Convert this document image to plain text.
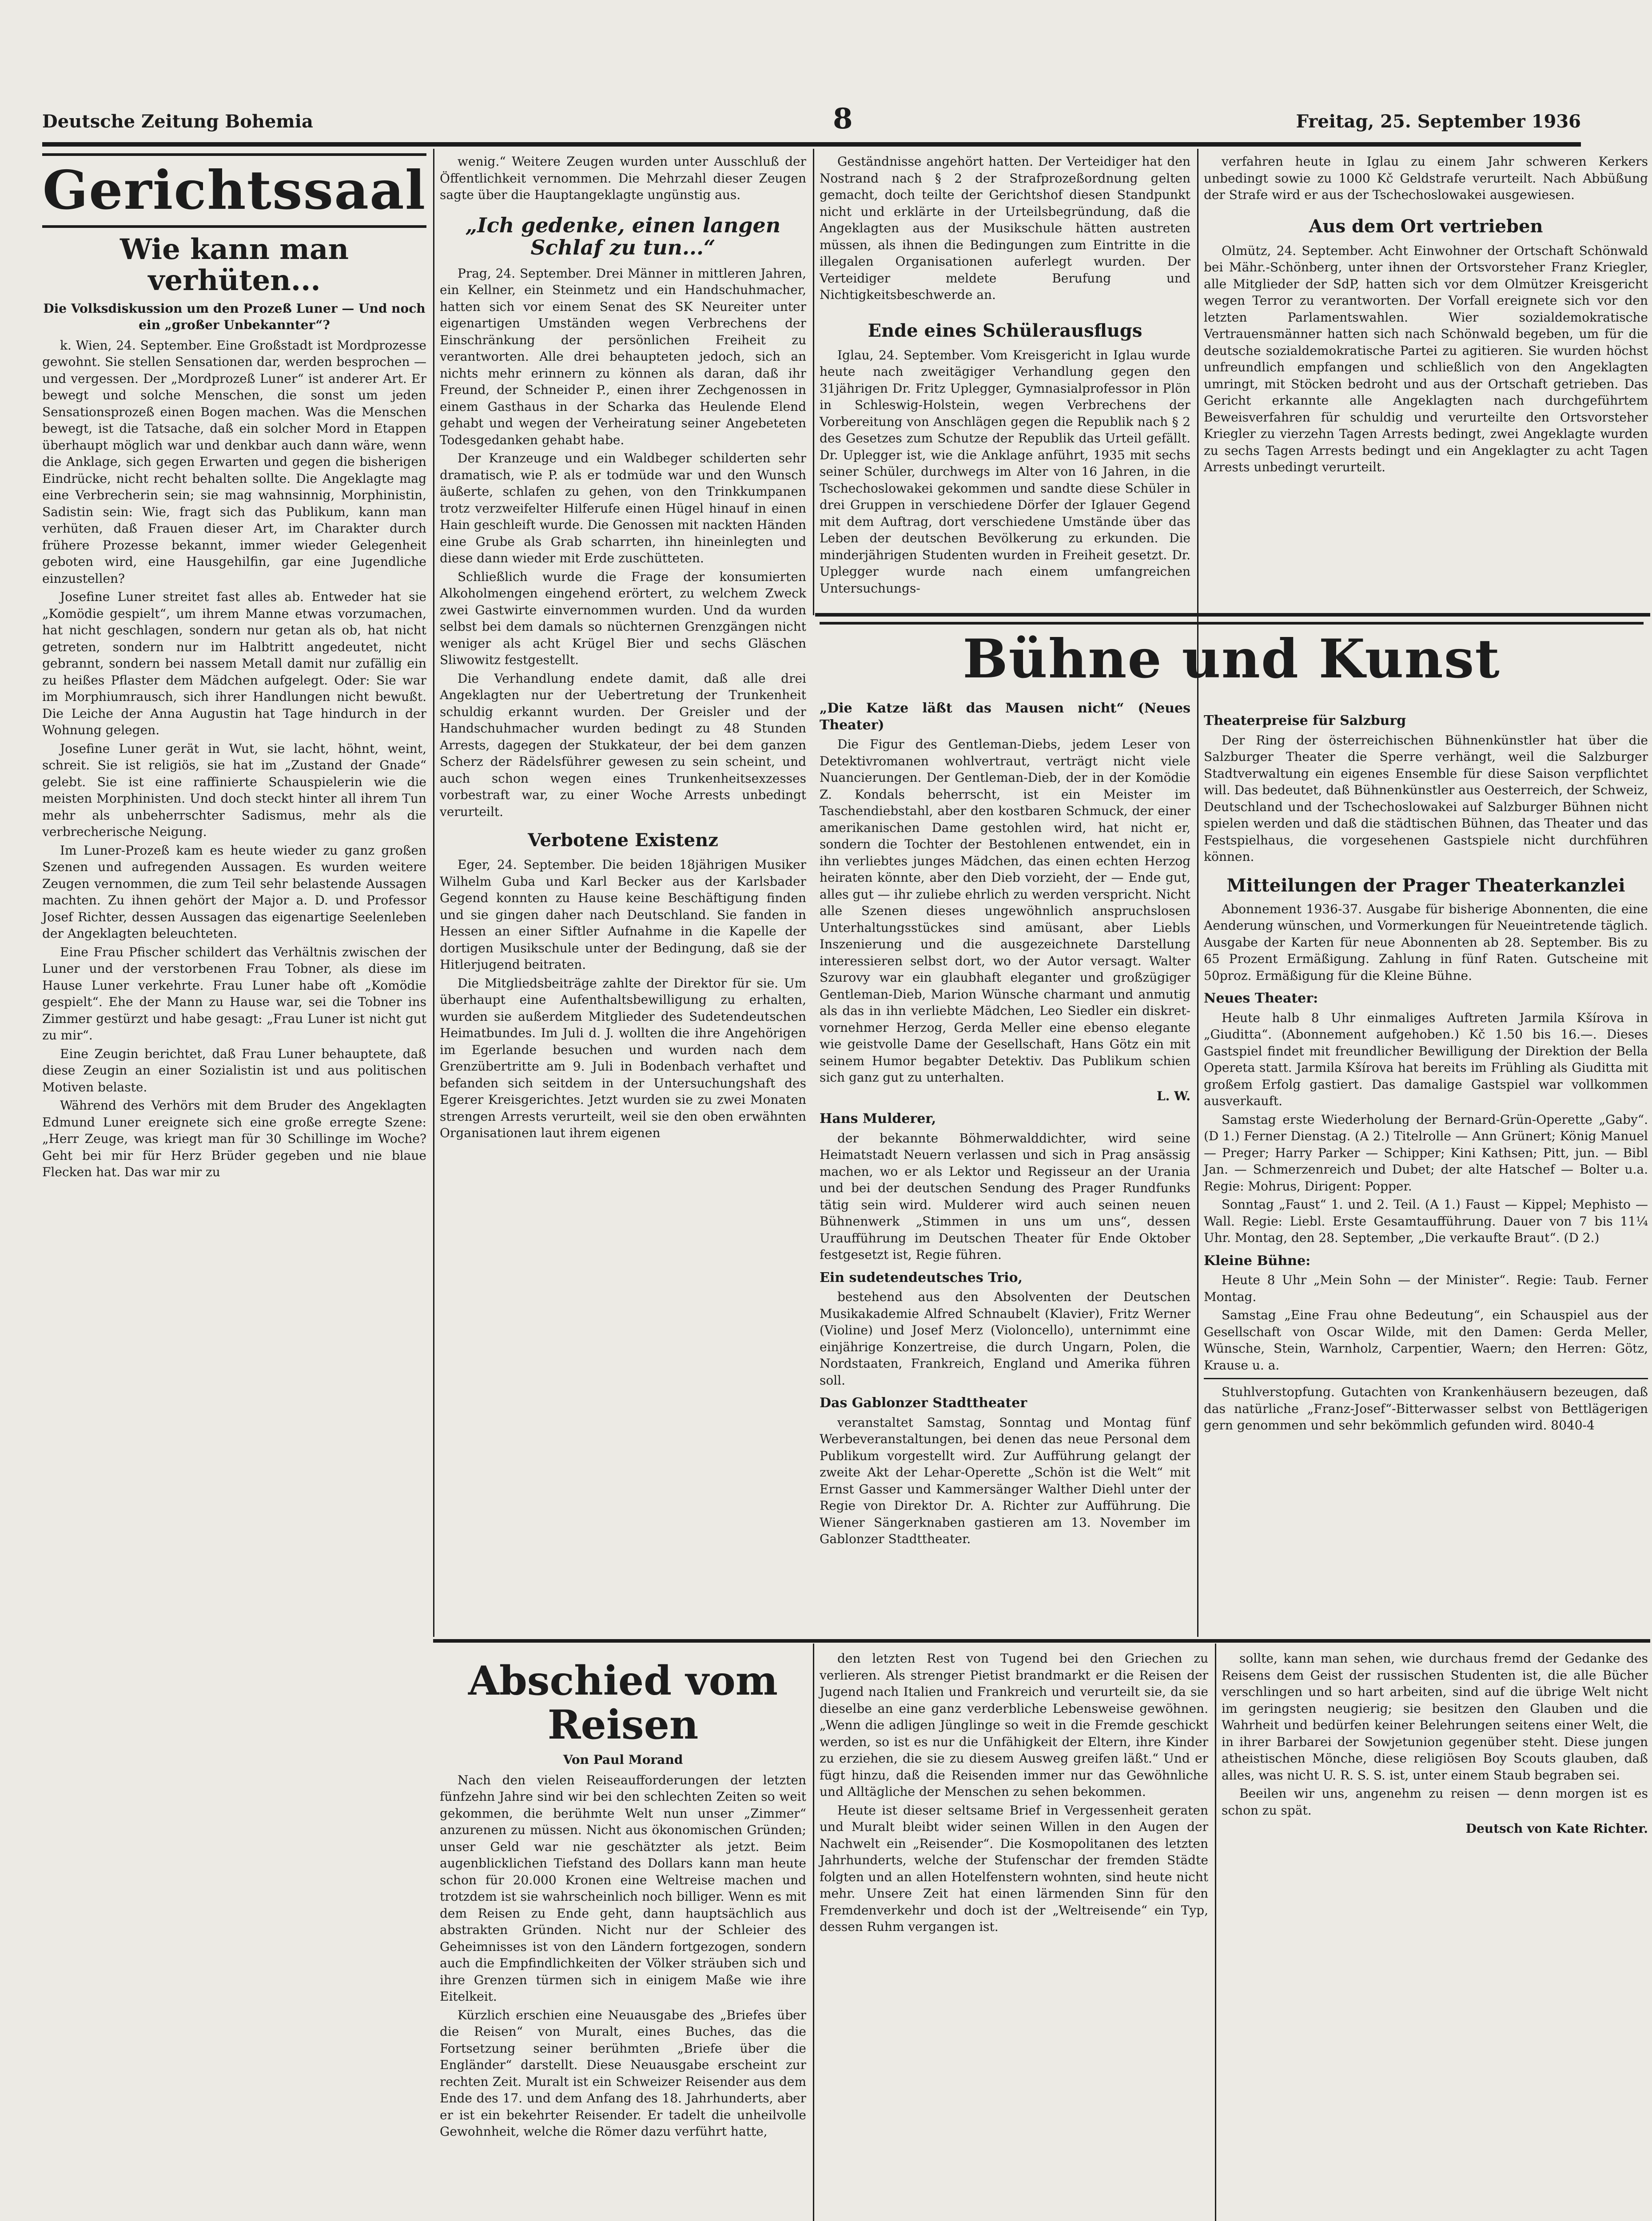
Deutsche Zeitung Bohemia	8	Freitag, 25. September 1936
Gerichtssaal
Wie kann man verhüten...
Die Volksdiskussion um den Prozeß Luner — Und noch ein „großer Unbekannter“?

k. Wien, 24. September. Eine Großstadt ist Mordprozesse gewohnt. Sie stellen Sensationen dar, werden besprochen — und vergessen. Der „Mordprozeß Luner“ ist anderer Art. Er bewegt und solche Menschen, die sonst um jeden Sensationsprozeß einen Bogen machen. Was die Menschen bewegt, ist die Tatsache, daß ein solcher Mord in Etappen überhaupt möglich war und denkbar auch dann wäre, wenn die Anklage, sich gegen Erwarten und gegen die bisherigen Eindrücke, nicht recht behalten sollte. Die Angeklagte mag eine Verbrecherin sein; sie mag wahnsinnig, Morphinistin, Sadistin sein: Wie, fragt sich das Publikum, kann man verhüten, daß Frauen dieser Art, im Charakter durch frühere Prozesse bekannt, immer wieder Gelegenheit geboten wird, eine Hausgehilfin, gar eine Jugendliche einzustellen?

Josefine Luner streitet fast alles ab. Entweder hat sie „Komödie gespielt“, um ihrem Manne etwas vorzumachen, hat nicht geschlagen, sondern nur getan als ob, hat nicht getreten, sondern nur im Halbtritt angedeutet, nicht gebrannt, sondern bei nassem Metall damit nur zufällig ein zu heißes Pflaster dem Mädchen aufgelegt. Oder: Sie war im Morphiumrausch, sich ihrer Handlungen nicht bewußt. Die Leiche der Anna Augustin hat Tage hindurch in der Wohnung gelegen.

Josefine Luner gerät in Wut, sie lacht, höhnt, weint, schreit. Sie ist religiös, sie hat im „Zustand der Gnade“ gelebt. Sie ist eine raffinierte Schauspielerin wie die meisten Morphinisten. Und doch steckt hinter all ihrem Tun mehr als unbeherrschter Sadismus, mehr als die verbrecherische Neigung.

Im Luner-Prozeß kam es heute wieder zu ganz großen Szenen und aufregenden Aussagen. Es wurden weitere Zeugen vernommen, die zum Teil sehr belastende Aussagen machten. Zu ihnen gehört der Major a. D. und Professor Josef Richter, dessen Aussagen das eigenartige Seelenleben der Angeklagten beleuchteten.

Eine Frau Pfischer schildert das Verhältnis zwischen der Luner und der verstorbenen Frau Tobner, als diese im Hause Luner verkehrte. Frau Luner habe oft „Komödie gespielt“. Ehe der Mann zu Hause war, sei die Tobner ins Zimmer gestürzt und habe gesagt: „Frau Luner ist nicht gut zu mir“.

Eine Zeugin berichtet, daß Frau Luner behauptete, daß diese Zeugin an einer Sozialistin ist und aus politischen Motiven belaste.

Während des Verhörs mit dem Bruder des Angeklagten Edmund Luner ereignete sich eine große erregte Szene: „Herr Zeuge, was kriegt man für 30 Schillinge im Woche? Geht bei mir für Herz Brüder gegeben und nie blaue Flecken hat. Das war mir zu

wenig.“ Weitere Zeugen wurden unter Ausschluß der Öffentlichkeit vernommen. Die Mehrzahl dieser Zeugen sagte über die Hauptangeklagte ungünstig aus.

„Ich gedenke, einen langen Schlaf zu tun...“

Prag, 24. September. Drei Männer in mittleren Jahren, ein Kellner, ein Steinmetz und ein Handschuhmacher, hatten sich vor einem Senat des SK Neureiter unter eigenartigen Umständen wegen Verbrechens der Einschränkung der persönlichen Freiheit zu verantworten. Alle drei behaupteten jedoch, sich an nichts mehr erinnern zu können als daran, daß ihr Freund, der Schneider P., einen ihrer Zechgenossen in einem Gasthaus in der Scharka das Heulende Elend gehabt und wegen der Verheiratung seiner Angebeteten Todesgedanken gehabt habe.

Der Kranzeuge und ein Waldbeger schilderten sehr dramatisch, wie P. als er todmüde war und den Wunsch äußerte, schlafen zu gehen, von den Trinkkumpanen trotz verzweifelter Hilferufe einen Hügel hinauf in einen Hain geschleift wurde. Die Genossen mit nackten Händen eine Grube als Grab scharrten, ihn hineinlegten und diese dann wieder mit Erde zuschütteten.

Schließlich wurde die Frage der konsumierten Alkoholmengen eingehend erörtert, zu welchem Zweck zwei Gastwirte einvernommen wurden. Und da wurden selbst bei dem damals so nüchternen Grenzgängen nicht weniger als acht Krügel Bier und sechs Gläschen Sliwowitz festgestellt.

Die Verhandlung endete damit, daß alle drei Angeklagten nur der Uebertretung der Trunkenheit schuldig erkannt wurden. Der Greisler und der Handschuhmacher wurden bedingt zu 48 Stunden Arrests, dagegen der Stukkateur, der bei dem ganzen Scherz der Rädelsführer gewesen zu sein scheint, und auch schon wegen eines Trunkenheitsexzesses vorbestraft war, zu einer Woche Arrests unbedingt verurteilt.

Verbotene Existenz

Eger, 24. September. Die beiden 18jährigen Musiker Wilhelm Guba und Karl Becker aus der Karlsbader Gegend konnten zu Hause keine Beschäftigung finden und sie gingen daher nach Deutschland. Sie fanden in Hessen an einer Siftler Aufnahme in die Kapelle der dortigen Musikschule unter der Bedingung, daß sie der Hitlerjugend beitraten.

Die Mitgliedsbeiträge zahlte der Direktor für sie. Um überhaupt eine Aufenthaltsbewilligung zu erhalten, wurden sie außerdem Mitglieder des Sudetendeutschen Heimatbundes. Im Juli d. J. wollten die ihre Angehörigen im Egerlande besuchen und wurden nach dem Grenzübertritte am 9. Juli in Bodenbach verhaftet und befanden sich seitdem in der Untersuchungshaft des Egerer Kreisgerichtes. Jetzt wurden sie zu zwei Monaten strengen Arrests verurteilt, weil sie den oben erwähnten Organisationen laut ihrem eigenen

Geständnisse angehört hatten. Der Verteidiger hat den Nostrand nach § 2 der Strafprozeßordnung gelten gemacht, doch teilte der Gerichtshof diesen Standpunkt nicht und erklärte in der Urteilsbegründung, daß die Angeklagten aus der Musikschule hätten austreten müssen, als ihnen die Bedingungen zum Eintritte in die illegalen Organisationen auferlegt wurden. Der Verteidiger meldete Berufung und Nichtigkeitsbeschwerde an.

Ende eines Schülerausflugs

Iglau, 24. September. Vom Kreisgericht in Iglau wurde heute nach zweitägiger Verhandlung gegen den 31jährigen Dr. Fritz Uplegger, Gymnasialprofessor in Plön in Schleswig-Holstein, wegen Verbrechens der Vorbereitung von Anschlägen gegen die Republik nach § 2 des Gesetzes zum Schutze der Republik das Urteil gefällt. Dr. Uplegger ist, wie die Anklage anführt, 1935 mit sechs seiner Schüler, durchwegs im Alter von 16 Jahren, in die Tschechoslowakei gekommen und sandte diese Schüler in drei Gruppen in verschiedene Dörfer der Iglauer Gegend mit dem Auftrag, dort verschiedene Umstände über das Leben der deutschen Bevölkerung zu erkunden. Die minderjährigen Studenten wurden in Freiheit gesetzt. Dr. Uplegger wurde nach einem umfangreichen Untersuchungs-

verfahren heute in Iglau zu einem Jahr schweren Kerkers unbedingt sowie zu 1000 Kč Geldstrafe verurteilt. Nach Abbüßung der Strafe wird er aus der Tschechoslowakei ausgewiesen.

Aus dem Ort vertrieben

Olmütz, 24. September. Acht Einwohner der Ortschaft Schönwald bei Mähr.-Schönberg, unter ihnen der Ortsvorsteher Franz Kriegler, alle Mitglieder der SdP, hatten sich vor dem Olmützer Kreisgericht wegen Terror zu verantworten. Der Vorfall ereignete sich vor den letzten Parlamentswahlen. Wier sozialdemokratische Vertrauensmänner hatten sich nach Schönwald begeben, um für die deutsche sozialdemokratische Partei zu agitieren. Sie wurden höchst unfreundlich empfangen und schließlich von den Angeklagten umringt, mit Stöcken bedroht und aus der Ortschaft getrieben. Das Gericht erkannte alle Angeklagten nach durchgeführtem Beweisverfahren für schuldig und verurteilte den Ortsvorsteher Kriegler zu vierzehn Tagen Arrests bedingt, zwei Angeklagte wurden zu sechs Tagen Arrests bedingt und ein Angeklagter zu acht Tagen Arrests unbedingt verurteilt.

Bühne und Kunst
„Die Katze läßt das Mausen nicht“ (Neues Theater)

Die Figur des Gentleman-Diebs, jedem Leser von Detektivromanen wohlvertraut, verträgt nicht viele Nuancierungen. Der Gentleman-Dieb, der in der Komödie Z. Kondals beherrscht, ist ein Meister im Taschendiebstahl, aber den kostbaren Schmuck, der einer amerikanischen Dame gestohlen wird, hat nicht er, sondern die Tochter der Bestohlenen entwendet, ein in ihn verliebtes junges Mädchen, das einen echten Herzog heiraten könnte, aber den Dieb vorzieht, der — Ende gut, alles gut — ihr zuliebe ehrlich zu werden verspricht. Nicht alle Szenen dieses ungewöhnlich anspruchslosen Unterhaltungsstückes sind amüsant, aber Liebls Inszenierung und die ausgezeichnete Darstellung interessieren selbst dort, wo der Autor versagt. Walter Szurovy war ein glaubhaft eleganter und großzügiger Gentleman-Dieb, Marion Wünsche charmant und anmutig als das in ihn verliebte Mädchen, Leo Siedler ein diskret-vornehmer Herzog, Gerda Meller eine ebenso elegante wie geistvolle Dame der Gesellschaft, Hans Götz ein mit seinem Humor begabter Detektiv. Das Publikum schien sich ganz gut zu unterhalten.

L. W.
Hans Mulderer,

der bekannte Böhmerwalddichter, wird seine Heimatstadt Neuern verlassen und sich in Prag ansässig machen, wo er als Lektor und Regisseur an der Urania und bei der deutschen Sendung des Prager Rundfunks tätig sein wird. Mulderer wird auch seinen neuen Bühnenwerk „Stimmen in uns um uns“, dessen Uraufführung im Deutschen Theater für Ende Oktober festgesetzt ist, Regie führen.

Ein sudetendeutsches Trio,

bestehend aus den Absolventen der Deutschen Musikakademie Alfred Schnaubelt (Klavier), Fritz Werner (Violine) und Josef Merz (Violoncello), unternimmt eine einjährige Konzertreise, die durch Ungarn, Polen, die Nordstaaten, Frankreich, England und Amerika führen soll.

Das Gablonzer Stadttheater

veranstaltet Samstag, Sonntag und Montag fünf Werbeveranstaltungen, bei denen das neue Personal dem Publikum vorgestellt wird. Zur Aufführung gelangt der zweite Akt der Lehar-Operette „Schön ist die Welt“ mit Ernst Gasser und Kammersänger Walther Diehl unter der Regie von Direktor Dr. A. Richter zur Aufführung. Die Wiener Sängerknaben gastieren am 13. November im Gablonzer Stadttheater.

Theaterpreise für Salzburg

Der Ring der österreichischen Bühnenkünstler hat über die Salzburger Theater die Sperre verhängt, weil die Salzburger Stadtverwaltung ein eigenes Ensemble für diese Saison verpflichtet will. Das bedeutet, daß Bühnenkünstler aus Oesterreich, der Schweiz, Deutschland und der Tschechoslowakei auf Salzburger Bühnen nicht spielen werden und daß die städtischen Bühnen, das Theater und das Festspielhaus, die vorgesehenen Gastspiele nicht durchführen können.

Mitteilungen der Prager Theaterkanzlei

Abonnement 1936-37. Ausgabe für bisherige Abonnenten, die eine Aenderung wünschen, und Vormerkungen für Neueintretende täglich. Ausgabe der Karten für neue Abonnenten ab 28. September. Bis zu 65 Prozent Ermäßigung. Zahlung in fünf Raten. Gutscheine mit 50proz. Ermäßigung für die Kleine Bühne.

Neues Theater:

Heute halb 8 Uhr einmaliges Auftreten Jarmila Kšírova in „Giuditta“. (Abonnement aufgehoben.) Kč 1.50 bis 16.—. Dieses Gastspiel findet mit freundlicher Bewilligung der Direktion der Bella Opereta statt. Jarmila Kšírova hat bereits im Frühling als Giuditta mit großem Erfolg gastiert. Das damalige Gastspiel war vollkommen ausverkauft.

Samstag erste Wiederholung der Bernard-Grün-Operette „Gaby“. (D 1.) Ferner Dienstag. (A 2.) Titelrolle — Ann Grünert; König Manuel — Preger; Harry Parker — Schipper; Kini Kathsen; Pitt, jun. — Bibl Jan. — Schmerzenreich und Dubet; der alte Hatschef — Bolter u.a. Regie: Mohrus, Dirigent: Popper.

Sonntag „Faust“ 1. und 2. Teil. (A 1.) Faust — Kippel; Mephisto — Wall. Regie: Liebl. Erste Gesamtaufführung. Dauer von 7 bis 11¼ Uhr. Montag, den 28. September, „Die verkaufte Braut“. (D 2.)

Kleine Bühne:

Heute 8 Uhr „Mein Sohn — der Minister“. Regie: Taub. Ferner Montag.

Samstag „Eine Frau ohne Bedeutung“, ein Schauspiel aus der Gesellschaft von Oscar Wilde, mit den Damen: Gerda Meller, Wünsche, Stein, Warnholz, Carpentier, Waern; den Herren: Götz, Krause u. a.

Stuhlverstopfung. Gutachten von Krankenhäusern bezeugen, daß das natürliche „Franz-Josef“-Bitterwasser selbst von Bettlägerigen gern genommen und sehr bekömmlich gefunden wird. 8040-4

Abschied vom Reisen
Von Paul Morand

Nach den vielen Reiseaufforderungen der letzten fünfzehn Jahre sind wir bei den schlechten Zeiten so weit gekommen, die berühmte Welt nun unser „Zimmer“ anzurenen zu müssen. Nicht aus ökonomischen Gründen; unser Geld war nie geschätzter als jetzt. Beim augenblicklichen Tiefstand des Dollars kann man heute schon für 20.000 Kronen eine Weltreise machen und trotzdem ist sie wahrscheinlich noch billiger. Wenn es mit dem Reisen zu Ende geht, dann hauptsächlich aus abstrakten Gründen. Nicht nur der Schleier des Geheimnisses ist von den Ländern fortgezogen, sondern auch die Empfindlichkeiten der Völker sträuben sich und ihre Grenzen türmen sich in einigem Maße wie ihre Eitelkeit.

Kürzlich erschien eine Neuausgabe des „Briefes über die Reisen“ von Muralt, eines Buches, das die Fortsetzung seiner berühmten „Briefe über die Engländer“ darstellt. Diese Neuausgabe erscheint zur rechten Zeit. Muralt ist ein Schweizer Reisender aus dem Ende des 17. und dem Anfang des 18. Jahrhunderts, aber er ist ein bekehrter Reisender. Er tadelt die unheilvolle Gewohnheit, welche die Römer dazu verführt hatte,

den letzten Rest von Tugend bei den Griechen zu verlieren. Als strenger Pietist brandmarkt er die Reisen der Jugend nach Italien und Frankreich und verurteilt sie, da sie dieselbe an eine ganz verderbliche Lebensweise gewöhnen. „Wenn die adligen Jünglinge so weit in die Fremde geschickt werden, so ist es nur die Unfähigkeit der Eltern, ihre Kinder zu erziehen, die sie zu diesem Ausweg greifen läßt.“ Und er fügt hinzu, daß die Reisenden immer nur das Gewöhnliche und Alltägliche der Menschen zu sehen bekommen.

Heute ist dieser seltsame Brief in Vergessenheit geraten und Muralt bleibt wider seinen Willen in den Augen der Nachwelt ein „Reisender“. Die Kosmopolitanen des letzten Jahrhunderts, welche der Stufenschar der fremden Städte folgten und an allen Hotelfenstern wohnten, sind heute nicht mehr. Unsere Zeit hat einen lärmenden Sinn für den Fremdenverkehr und doch ist der „Weltreisende“ ein Typ, dessen Ruhm vergangen ist.

sollte, kann man sehen, wie durchaus fremd der Gedanke des Reisens dem Geist der russischen Studenten ist, die alle Bücher verschlingen und so hart arbeiten, sind auf die übrige Welt nicht im geringsten neugierig; sie besitzen den Glauben und die Wahrheit und bedürfen keiner Belehrungen seitens einer Welt, die in ihrer Barbarei der Sowjetunion gegenüber steht. Diese jungen atheistischen Mönche, diese religiösen Boy Scouts glauben, daß alles, was nicht U. R. S. S. ist, unter einem Staub begraben sei.

Beeilen wir uns, angenehm zu reisen — denn morgen ist es schon zu spät.

Deutsch von Kate Richter.
